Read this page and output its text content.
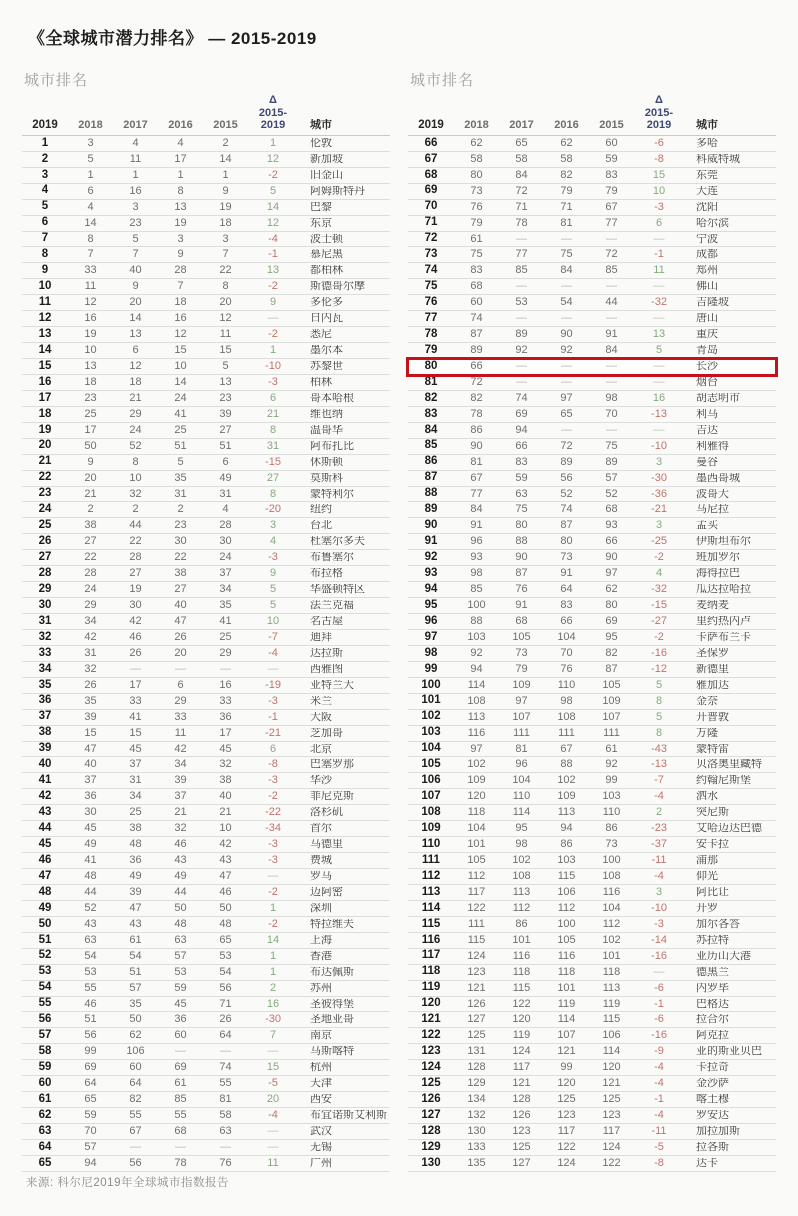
《全球城市潜力排名》 — 2015-2019
城市排名
2019	2018	2017	2016	2015
Δ
2015-
2019	城市
1	3	4	4	2	1	伦敦
2	5	11	17	14	12	新加坡
3	1	1	1	1	-2	旧金山
4	6	16	8	9	5	阿姆斯特丹
5	4	3	13	19	14	巴黎
6	14	23	19	18	12	东京
7	8	5	3	3	-4	波士顿
8	7	7	9	7	-1	慕尼黑
9	33	40	28	22	13	都柏林
10	11	9	7	8	-2	斯德哥尔摩
11	12	20	18	20	9	多伦多
12	16	14	16	12	—	日内瓦
13	19	13	12	11	-2	悉尼
14	10	6	15	15	1	墨尔本
15	13	12	10	5	-10	苏黎世
16	18	18	14	13	-3	柏林
17	23	21	24	23	6	哥本哈根
18	25	29	41	39	21	维也纳
19	17	24	25	27	8	温哥华
20	50	52	51	51	31	阿布扎比
21	9	8	5	6	-15	休斯顿
22	20	10	35	49	27	莫斯科
23	21	32	31	31	8	蒙特利尔
24	2	2	2	4	-20	纽约
25	38	44	23	28	3	台北
26	27	22	30	30	4	杜塞尔多夫
27	22	28	22	24	-3	布鲁塞尔
28	28	27	38	37	9	布拉格
29	24	19	27	34	5	华盛顿特区
30	29	30	40	35	5	法兰克福
31	34	42	47	41	10	名古屋
32	42	46	26	25	-7	迪拜
33	31	26	20	29	-4	达拉斯
34	32	—	—	—	—	西雅图
35	26	17	6	16	-19	亚特兰大
36	35	33	29	33	-3	米兰
37	39	41	33	36	-1	大阪
38	15	15	11	17	-21	芝加哥
39	47	45	42	45	6	北京
40	40	37	34	32	-8	巴塞罗那
41	37	31	39	38	-3	华沙
42	36	34	37	40	-2	菲尼克斯
43	30	25	21	21	-22	洛杉矶
44	45	38	32	10	-34	首尔
45	49	48	46	42	-3	马德里
46	41	36	43	43	-3	费城
47	48	49	49	47	—	罗马
48	44	39	44	46	-2	迈阿密
49	52	47	50	50	1	深圳
50	43	43	48	48	-2	特拉维夫
51	63	61	63	65	14	上海
52	54	54	57	53	1	香港
53	53	51	53	54	1	布达佩斯
54	55	57	59	56	2	苏州
55	46	35	45	71	16	圣彼得堡
56	51	50	36	26	-30	圣地亚哥
57	56	62	60	64	7	南京
58	99	106	—	—	—	马斯喀特
59	69	60	69	74	15	杭州
60	64	64	61	55	-5	天津
61	65	82	85	81	20	西安
62	59	55	55	58	-4	布宜诺斯艾利斯
63	70	67	68	63	—	武汉
64	57	—	—	—	—	无锡
65	94	56	78	76	11	广州
城市排名
2019	2018	2017	2016	2015
Δ
2015-
2019	城市
66	62	65	62	60	-6	多哈
67	58	58	58	59	-8	科威特城
68	80	84	82	83	15	东莞
69	73	72	79	79	10	大连
70	76	71	71	67	-3	沈阳
71	79	78	81	77	6	哈尔滨
72	61	—	—	—	—	宁波
73	75	77	75	72	-1	成都
74	83	85	84	85	11	郑州
75	68	—	—	—	—	佛山
76	60	53	54	44	-32	吉隆坡
77	74	—	—	—	—	唐山
78	87	89	90	91	13	重庆
79	89	92	92	84	5	青岛
80	66	—	—	—	—	长沙
81	72	—	—	—	—	烟台
82	82	74	97	98	16	胡志明市
83	78	69	65	70	-13	利马
84	86	94	—	—	—	吉达
85	90	66	72	75	-10	利雅得
86	81	83	89	89	3	曼谷
87	67	59	56	57	-30	墨西哥城
88	77	63	52	52	-36	波哥大
89	84	75	74	68	-21	马尼拉
90	91	80	87	93	3	孟买
91	96	88	80	66	-25	伊斯坦布尔
92	93	90	73	90	-2	班加罗尔
93	98	87	91	97	4	海得拉巴
94	85	76	64	62	-32	瓜达拉哈拉
95	100	91	83	80	-15	麦纳麦
96	88	68	66	69	-27	里约热内卢
97	103	105	104	95	-2	卡萨布兰卡
98	92	73	70	82	-16	圣保罗
99	94	79	76	87	-12	新德里
100	114	109	110	105	5	雅加达
101	108	97	98	109	8	金奈
102	113	107	108	107	5	开普敦
103	116	111	111	111	8	万隆
104	97	81	67	61	-43	蒙特雷
105	102	96	88	92	-13	贝洛奥里藏特
106	109	104	102	99	-7	约翰尼斯堡
107	120	110	109	103	-4	泗水
108	118	114	113	110	2	突尼斯
109	104	95	94	86	-23	艾哈迈达巴德
110	101	98	86	73	-37	安卡拉
111	105	102	103	100	-11	浦那
112	112	108	115	108	-4	仰光
113	117	113	106	116	3	阿比让
114	122	112	112	104	-10	开罗
115	111	86	100	112	-3	加尔各答
116	115	101	105	102	-14	苏拉特
117	124	116	116	101	-16	亚历山大港
118	123	118	118	118	—	德黑兰
119	121	115	101	113	-6	内罗毕
120	126	122	119	119	-1	巴格达
121	127	120	114	115	-6	拉合尔
122	125	119	107	106	-16	阿克拉
123	131	124	121	114	-9	亚的斯亚贝巴
124	128	117	99	120	-4	卡拉奇
125	129	121	120	121	-4	金沙萨
126	134	128	125	125	-1	喀土穆
127	132	126	123	123	-4	罗安达
128	130	123	117	117	-11	加拉加斯
129	133	125	122	124	-5	拉各斯
130	135	127	124	122	-8	达卡
来源: 科尔尼2019年全球城市指数报告
